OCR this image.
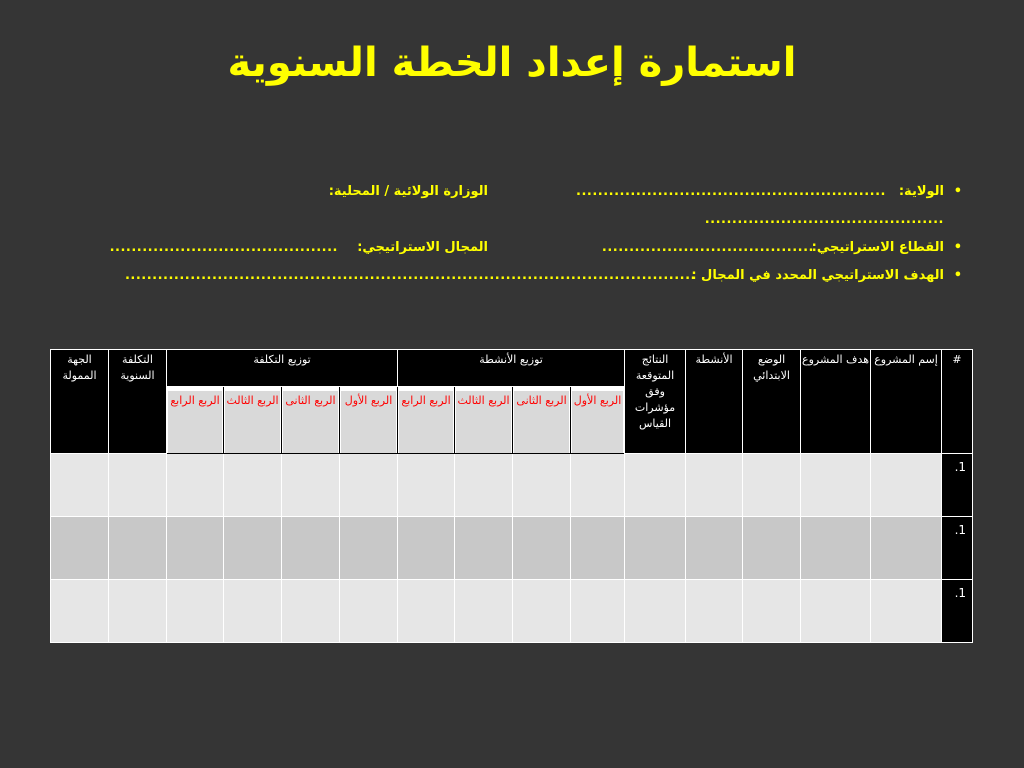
استمارة إعداد الخطة السنوية
•
الولاية:
.........................................................
الوزارة الولائية / المحلية:
............................................
•
القطاع الاستراتيجي:
.......................................
المجال الاستراتيجي:
..........................................
•
الهدف الاستراتيجي المحدد في المجال :
.........................................................................................................
#	إسم المشروع	هدف المشروع	الوضع الابتدائي	الأنشطة	النتائج المتوقعة وفق مؤشرات القياس	توزيع الأنشطة				توزيع التكلفة				التكلفة السنوية	الجهة الممولة

						الربع الأول	الربع الثانى	الربع الثالث	الربع الرابع	الربع الأول	الربع الثانى	الربع الثالث	الربع الرابع		

1.															
1.															
1.															
